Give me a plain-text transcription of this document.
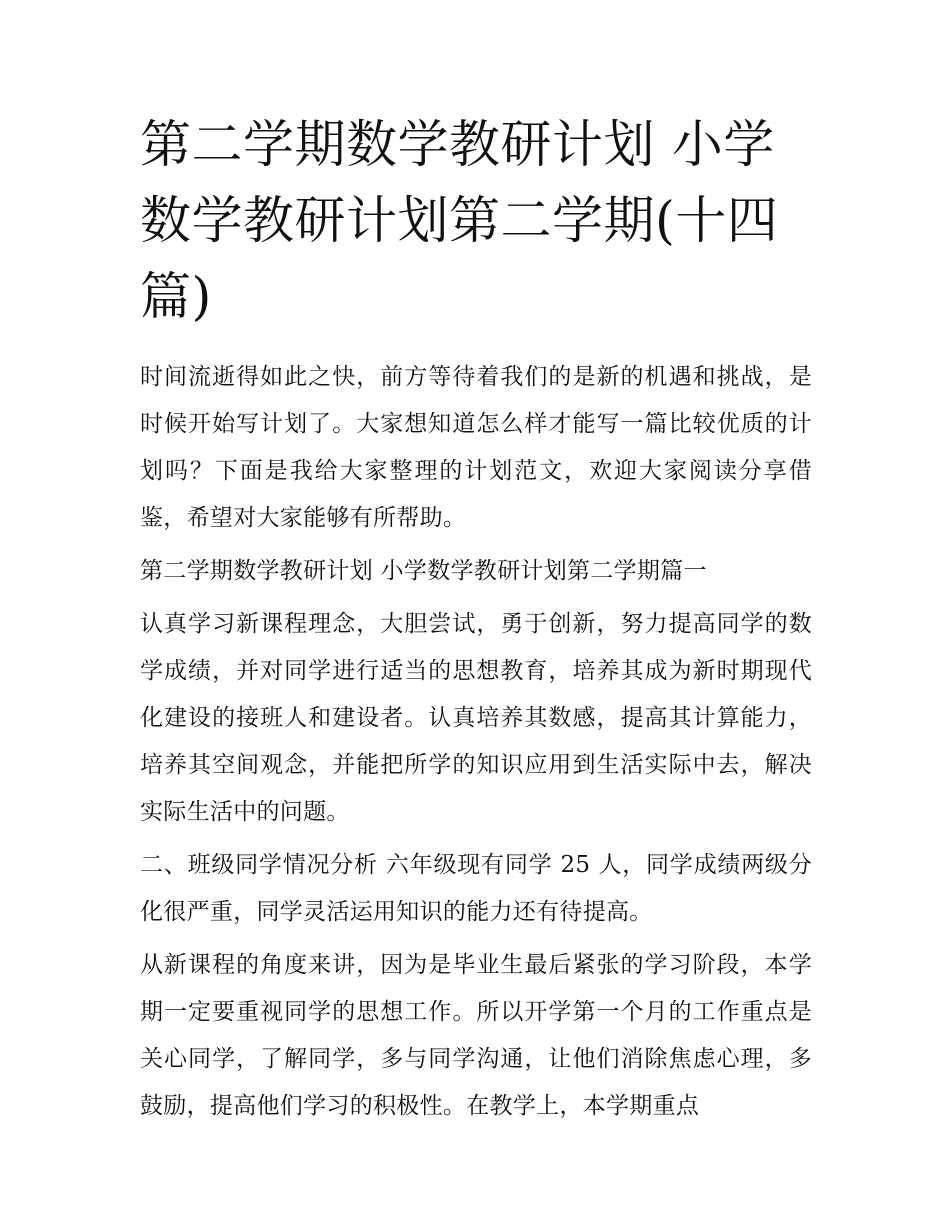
第二学期数学教研计划 小学数学教研计划第二学期(十四篇)

时间流逝得如此之快，前方等待着我们的是新的机遇和挑战，是时候开始写计划了。大家想知道怎么样才能写一篇比较优质的计划吗？下面是我给大家整理的计划范文，欢迎大家阅读分享借鉴，希望对大家能够有所帮助。

第二学期数学教研计划 小学数学教研计划第二学期篇一

认真学习新课程理念，大胆尝试，勇于创新，努力提高同学的数学成绩，并对同学进行适当的思想教育，培养其成为新时期现代化建设的接班人和建设者。认真培养其数感，提高其计算能力，培养其空间观念，并能把所学的知识应用到生活实际中去，解决实际生活中的问题。

二、班级同学情况分析 六年级现有同学 25 人，同学成绩两级分化很严重，同学灵活运用知识的能力还有待提高。

从新课程的角度来讲，因为是毕业生最后紧张的学习阶段，本学期一定要重视同学的思想工作。所以开学第一个月的工作重点是关心同学，了解同学，多与同学沟通，让他们消除焦虑心理，多鼓励，提高他们学习的积极性。在教学上，本学期重点
